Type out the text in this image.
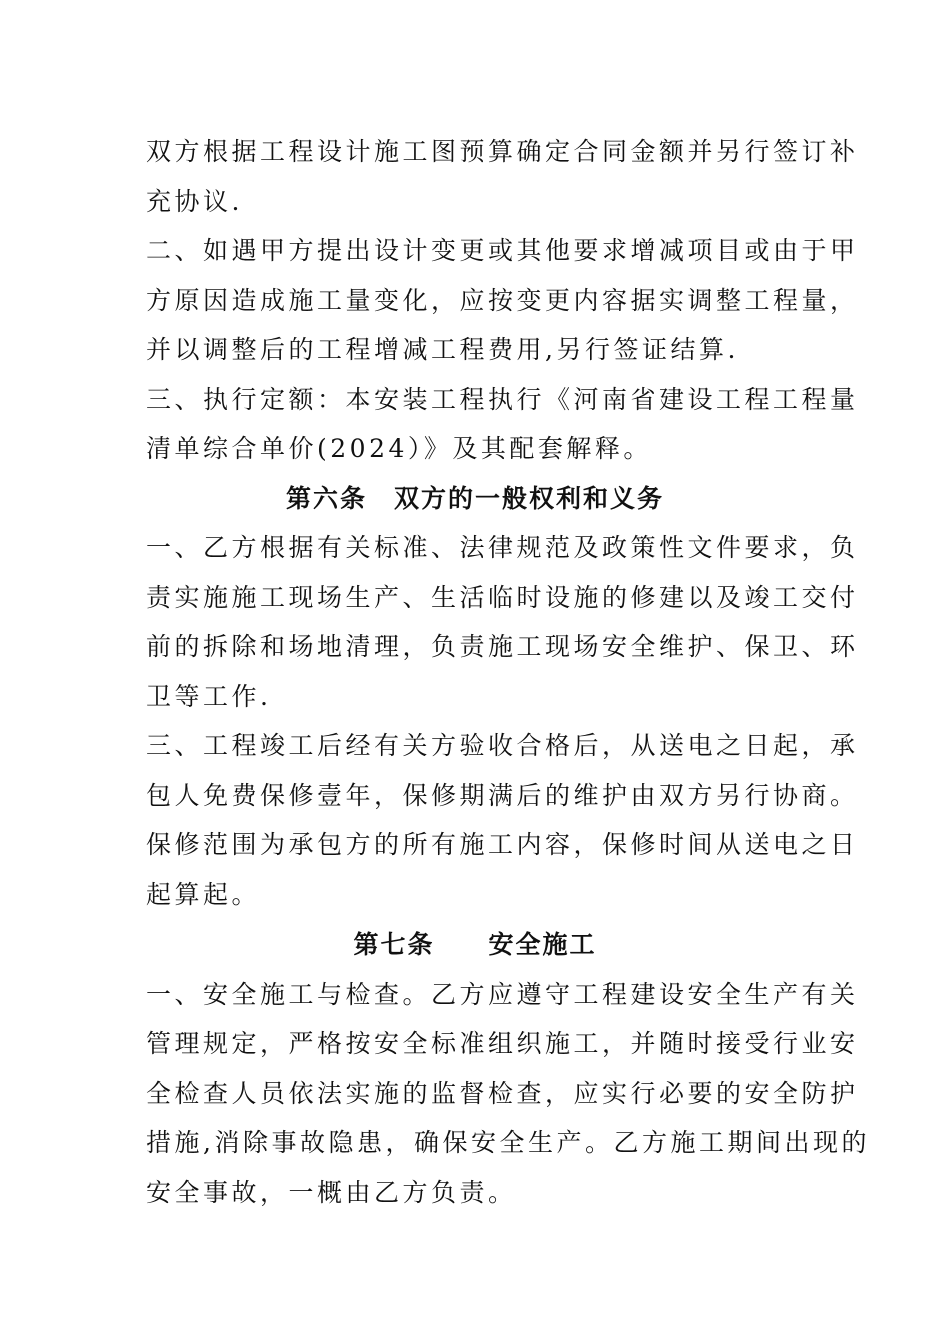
双方根据工程设计施工图预算确定合同金额并另行签订补
充协议.
二、如遇甲方提出设计变更或其他要求增减项目或由于甲
方原因造成施工量变化，应按变更内容据实调整工程量，
并以调整后的工程增减工程费用,另行签证结算.
三、执行定额：本安装工程执行《河南省建设工程工程量
清单综合单价(2024）》及其配套解释。
第六条　双方的一般权利和义务
一、乙方根据有关标准、法律规范及政策性文件要求，负
责实施施工现场生产、生活临时设施的修建以及竣工交付
前的拆除和场地清理，负责施工现场安全维护、保卫、环
卫等工作.
三、工程竣工后经有关方验收合格后，从送电之日起，承
包人免费保修壹年，保修期满后的维护由双方另行协商。
保修范围为承包方的所有施工内容，保修时间从送电之日
起算起。
第七条　　安全施工
一、安全施工与检查。乙方应遵守工程建设安全生产有关
管理规定，严格按安全标准组织施工，并随时接受行业安
全检查人员依法实施的监督检查，应实行必要的安全防护
措施,消除事故隐患，确保安全生产。乙方施工期间出现的
安全事故，一概由乙方负责。
